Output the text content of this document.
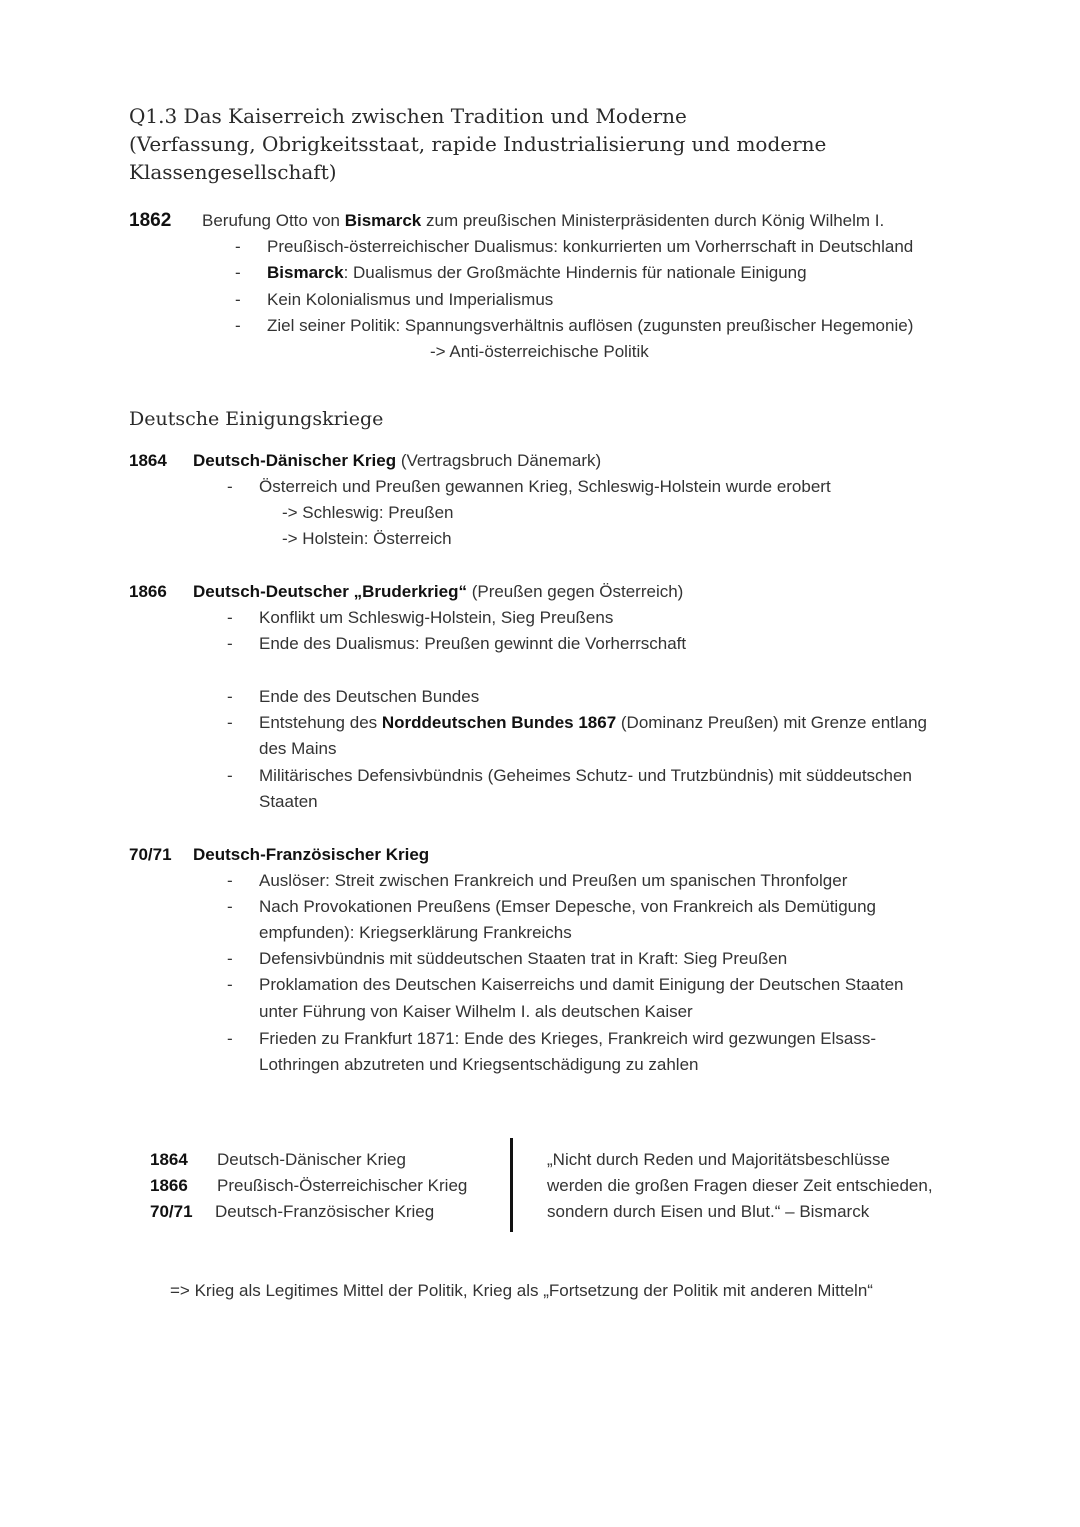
Q1.3 Das Kaiserreich zwischen Tradition und Moderne
(Verfassung, Obrigkeitsstaat, rapide Industrialisierung und moderne
Klassengesellschaft)
1862 Berufung Otto von Bismarck zum preußischen Ministerpräsidenten durch König Wilhelm I.
- Preußisch-österreichischer Dualismus: konkurrierten um Vorherrschaft in Deutschland
- Bismarck: Dualismus der Großmächte Hindernis für nationale Einigung
- Kein Kolonialismus und Imperialismus
- Ziel seiner Politik: Spannungsverhältnis auflösen (zugunsten preußischer Hegemonie)
-> Anti-österreichische Politik
Deutsche Einigungskriege
1864 Deutsch-Dänischer Krieg (Vertragsbruch Dänemark)
- Österreich und Preußen gewannen Krieg, Schleswig-Holstein wurde erobert
-> Schleswig: Preußen
-> Holstein: Österreich
1866 Deutsch-Deutscher „Bruderkrieg“ (Preußen gegen Österreich)
- Konflikt um Schleswig-Holstein, Sieg Preußens
- Ende des Dualismus: Preußen gewinnt die Vorherrschaft
- Ende des Deutschen Bundes
- Entstehung des Norddeutschen Bundes 1867 (Dominanz Preußen) mit Grenze entlang
des Mains
- Militärisches Defensivbündnis (Geheimes Schutz- und Trutzbündnis) mit süddeutschen
Staaten
70/71 Deutsch-Französischer Krieg
- Auslöser: Streit zwischen Frankreich und Preußen um spanischen Thronfolger
- Nach Provokationen Preußens (Emser Depesche, von Frankreich als Demütigung
empfunden): Kriegserklärung Frankreichs
- Defensivbündnis mit süddeutschen Staaten trat in Kraft: Sieg Preußen
- Proklamation des Deutschen Kaiserreichs und damit Einigung der Deutschen Staaten
unter Führung von Kaiser Wilhelm I. als deutschen Kaiser
- Frieden zu Frankfurt 1871: Ende des Krieges, Frankreich wird gezwungen Elsass-
Lothringen abzutreten und Kriegsentschädigung zu zahlen
1864 Deutsch-Dänischer Krieg
1866 Preußisch-Österreichischer Krieg
70/71 Deutsch-Französischer Krieg
„Nicht durch Reden und Majoritätsbeschlüsse
werden die großen Fragen dieser Zeit entschieden,
sondern durch Eisen und Blut.“ – Bismarck
=> Krieg als Legitimes Mittel der Politik, Krieg als „Fortsetzung der Politik mit anderen Mitteln“
